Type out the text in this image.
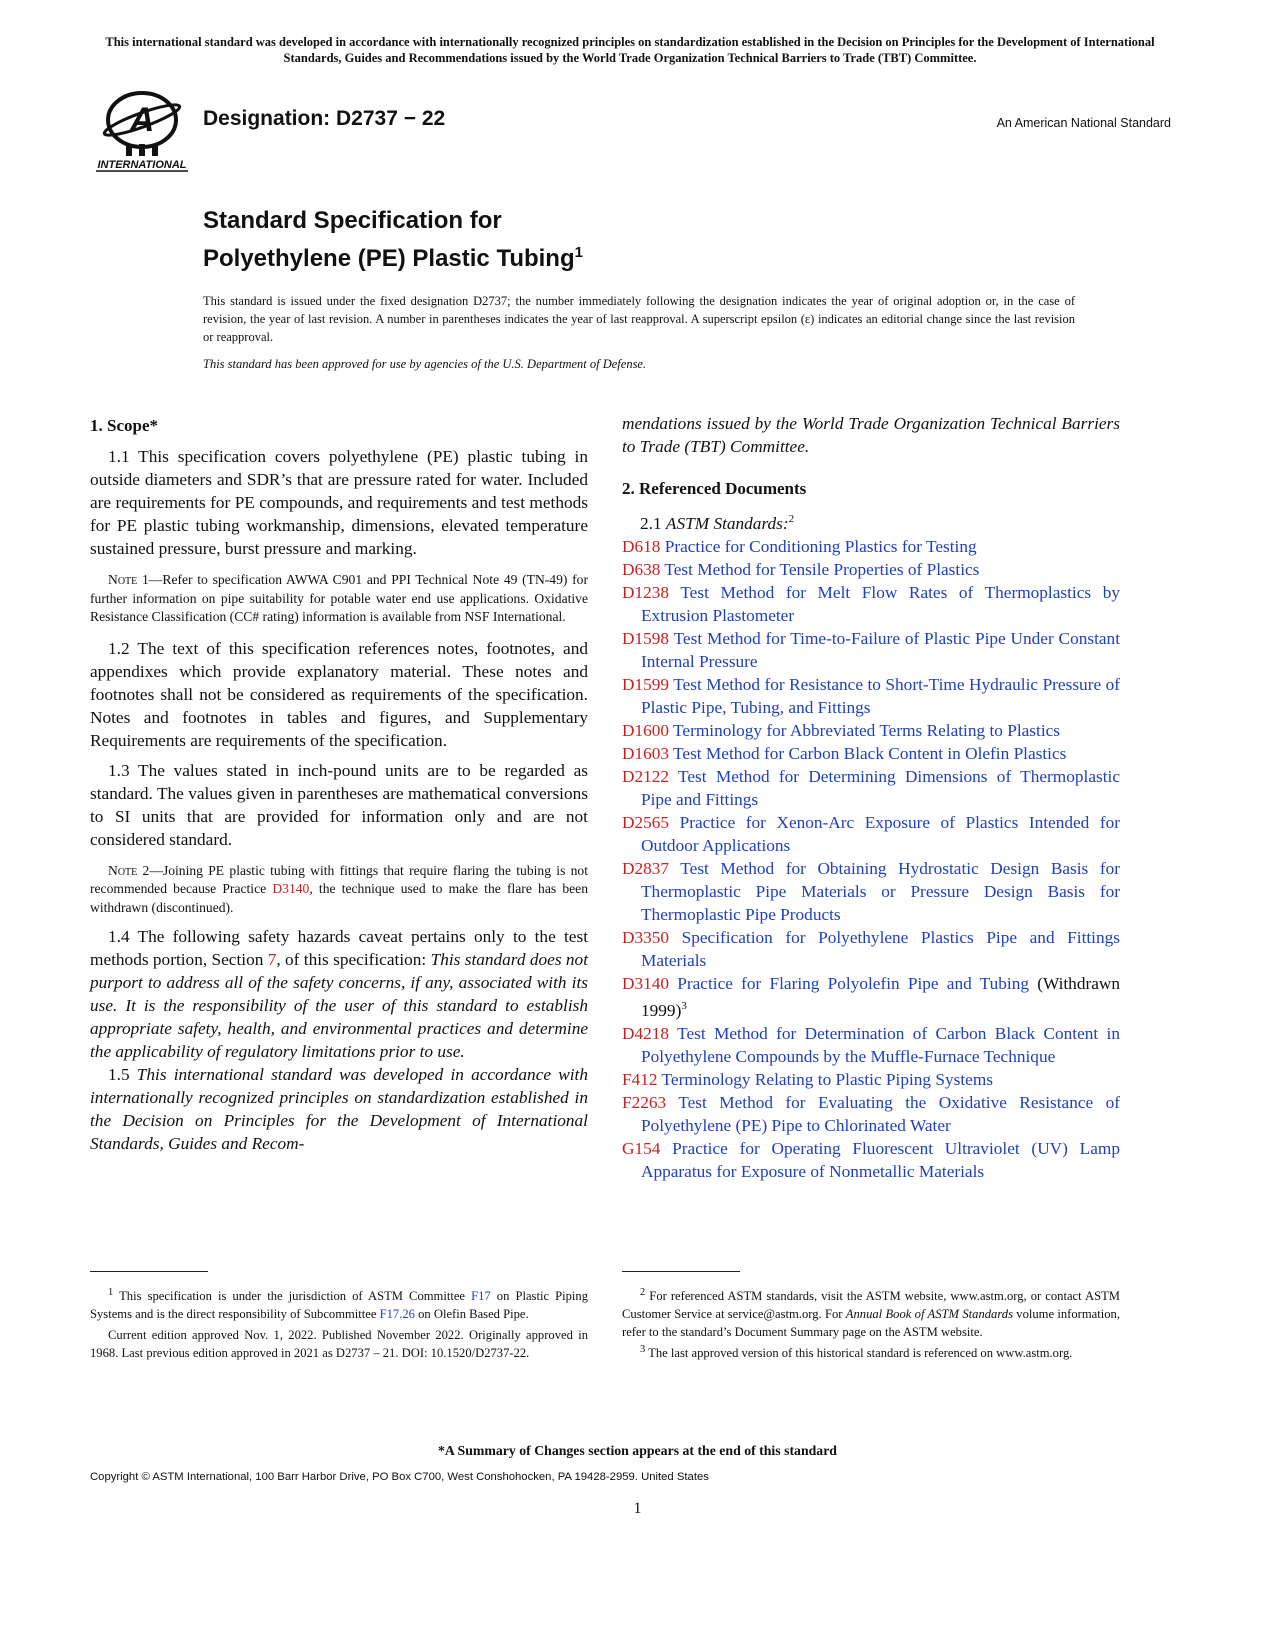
This international standard was developed in accordance with internationally recognized principles on standardization established in the Decision on Principles for the Development of International Standards, Guides and Recommendations issued by the World Trade Organization Technical Barriers to Trade (TBT) Committee.
A
INTERNATIONAL
Designation: D2737 − 22	An American National Standard
Standard Specification for
Polyethylene (PE) Plastic Tubing$^1$
This standard is issued under the fixed designation D2737; the number immediately following the designation indicates the year of original adoption or, in the case of revision, the year of last revision. A number in parentheses indicates the year of last reapproval. A superscript epsilon (ε) indicates an editorial change since the last revision or reapproval.
This standard has been approved for use by agencies of the U.S. Department of Defense.
1. Scope*

1.1 This specification covers polyethylene (PE) plastic tubing in outside diameters and SDR’s that are pressure rated for water. Included are requirements for PE compounds, and requirements and test methods for PE plastic tubing workmanship, dimensions, elevated temperature sustained pressure, burst pressure and marking.

Note 1—Refer to specification AWWA C901 and PPI Technical Note 49 (TN-49) for further information on pipe suitability for potable water end use applications. Oxidative Resistance Classification (CC# rating) information is available from NSF International.

1.2 The text of this specification references notes, footnotes, and appendixes which provide explanatory material. These notes and footnotes shall not be considered as requirements of the specification. Notes and footnotes in tables and figures, and Supplementary Requirements are requirements of the specification.

1.3 The values stated in inch-pound units are to be regarded as standard. The values given in parentheses are mathematical conversions to SI units that are provided for information only and are not considered standard.

Note 2—Joining PE plastic tubing with fittings that require flaring the tubing is not recommended because Practice D3140, the technique used to make the flare has been withdrawn (discontinued).

1.4 The following safety hazards caveat pertains only to the test methods portion, Section 7, of this specification: This standard does not purport to address all of the safety concerns, if any, associated with its use. It is the responsibility of the user of this standard to establish appropriate safety, health, and environmental practices and determine the applicability of regulatory limitations prior to use.

1.5 This international standard was developed in accordance with internationally recognized principles on standardization established in the Decision on Principles for the Development of International Standards, Guides and Recom-

mendations issued by the World Trade Organization Technical Barriers to Trade (TBT) Committee.

2. Referenced Documents

2.1 ASTM Standards:$^2$

D618 Practice for Conditioning Plastics for Testing

D638 Test Method for Tensile Properties of Plastics

D1238 Test Method for Melt Flow Rates of Thermoplastics by Extrusion Plastometer

D1598 Test Method for Time-to-Failure of Plastic Pipe Under Constant Internal Pressure

D1599 Test Method for Resistance to Short-Time Hydraulic Pressure of Plastic Pipe, Tubing, and Fittings

D1600 Terminology for Abbreviated Terms Relating to Plastics

D1603 Test Method for Carbon Black Content in Olefin Plastics

D2122 Test Method for Determining Dimensions of Thermoplastic Pipe and Fittings

D2565 Practice for Xenon-Arc Exposure of Plastics Intended for Outdoor Applications

D2837 Test Method for Obtaining Hydrostatic Design Basis for Thermoplastic Pipe Materials or Pressure Design Basis for Thermoplastic Pipe Products

D3350 Specification for Polyethylene Plastics Pipe and Fittings Materials

D3140 Practice for Flaring Polyolefin Pipe and Tubing (Withdrawn 1999)$^3$

D4218 Test Method for Determination of Carbon Black Content in Polyethylene Compounds by the Muffle-Furnace Technique

F412 Terminology Relating to Plastic Piping Systems

F2263 Test Method for Evaluating the Oxidative Resistance of Polyethylene (PE) Pipe to Chlorinated Water

G154 Practice for Operating Fluorescent Ultraviolet (UV) Lamp Apparatus for Exposure of Nonmetallic Materials

$^1$ This specification is under the jurisdiction of ASTM Committee F17 on Plastic Piping Systems and is the direct responsibility of Subcommittee F17.26 on Olefin Based Pipe.

Current edition approved Nov. 1, 2022. Published November 2022. Originally approved in 1968. Last previous edition approved in 2021 as D2737 – 21. DOI: 10.1520/D2737-22.

$^2$ For referenced ASTM standards, visit the ASTM website, www.astm.org, or contact ASTM Customer Service at service@astm.org. For Annual Book of ASTM Standards volume information, refer to the standard’s Document Summary page on the ASTM website.

$^3$ The last approved version of this historical standard is referenced on www.astm.org.

*A Summary of Changes section appears at the end of this standard
Copyright © ASTM International, 100 Barr Harbor Drive, PO Box C700, West Conshohocken, PA 19428-2959. United States
1
